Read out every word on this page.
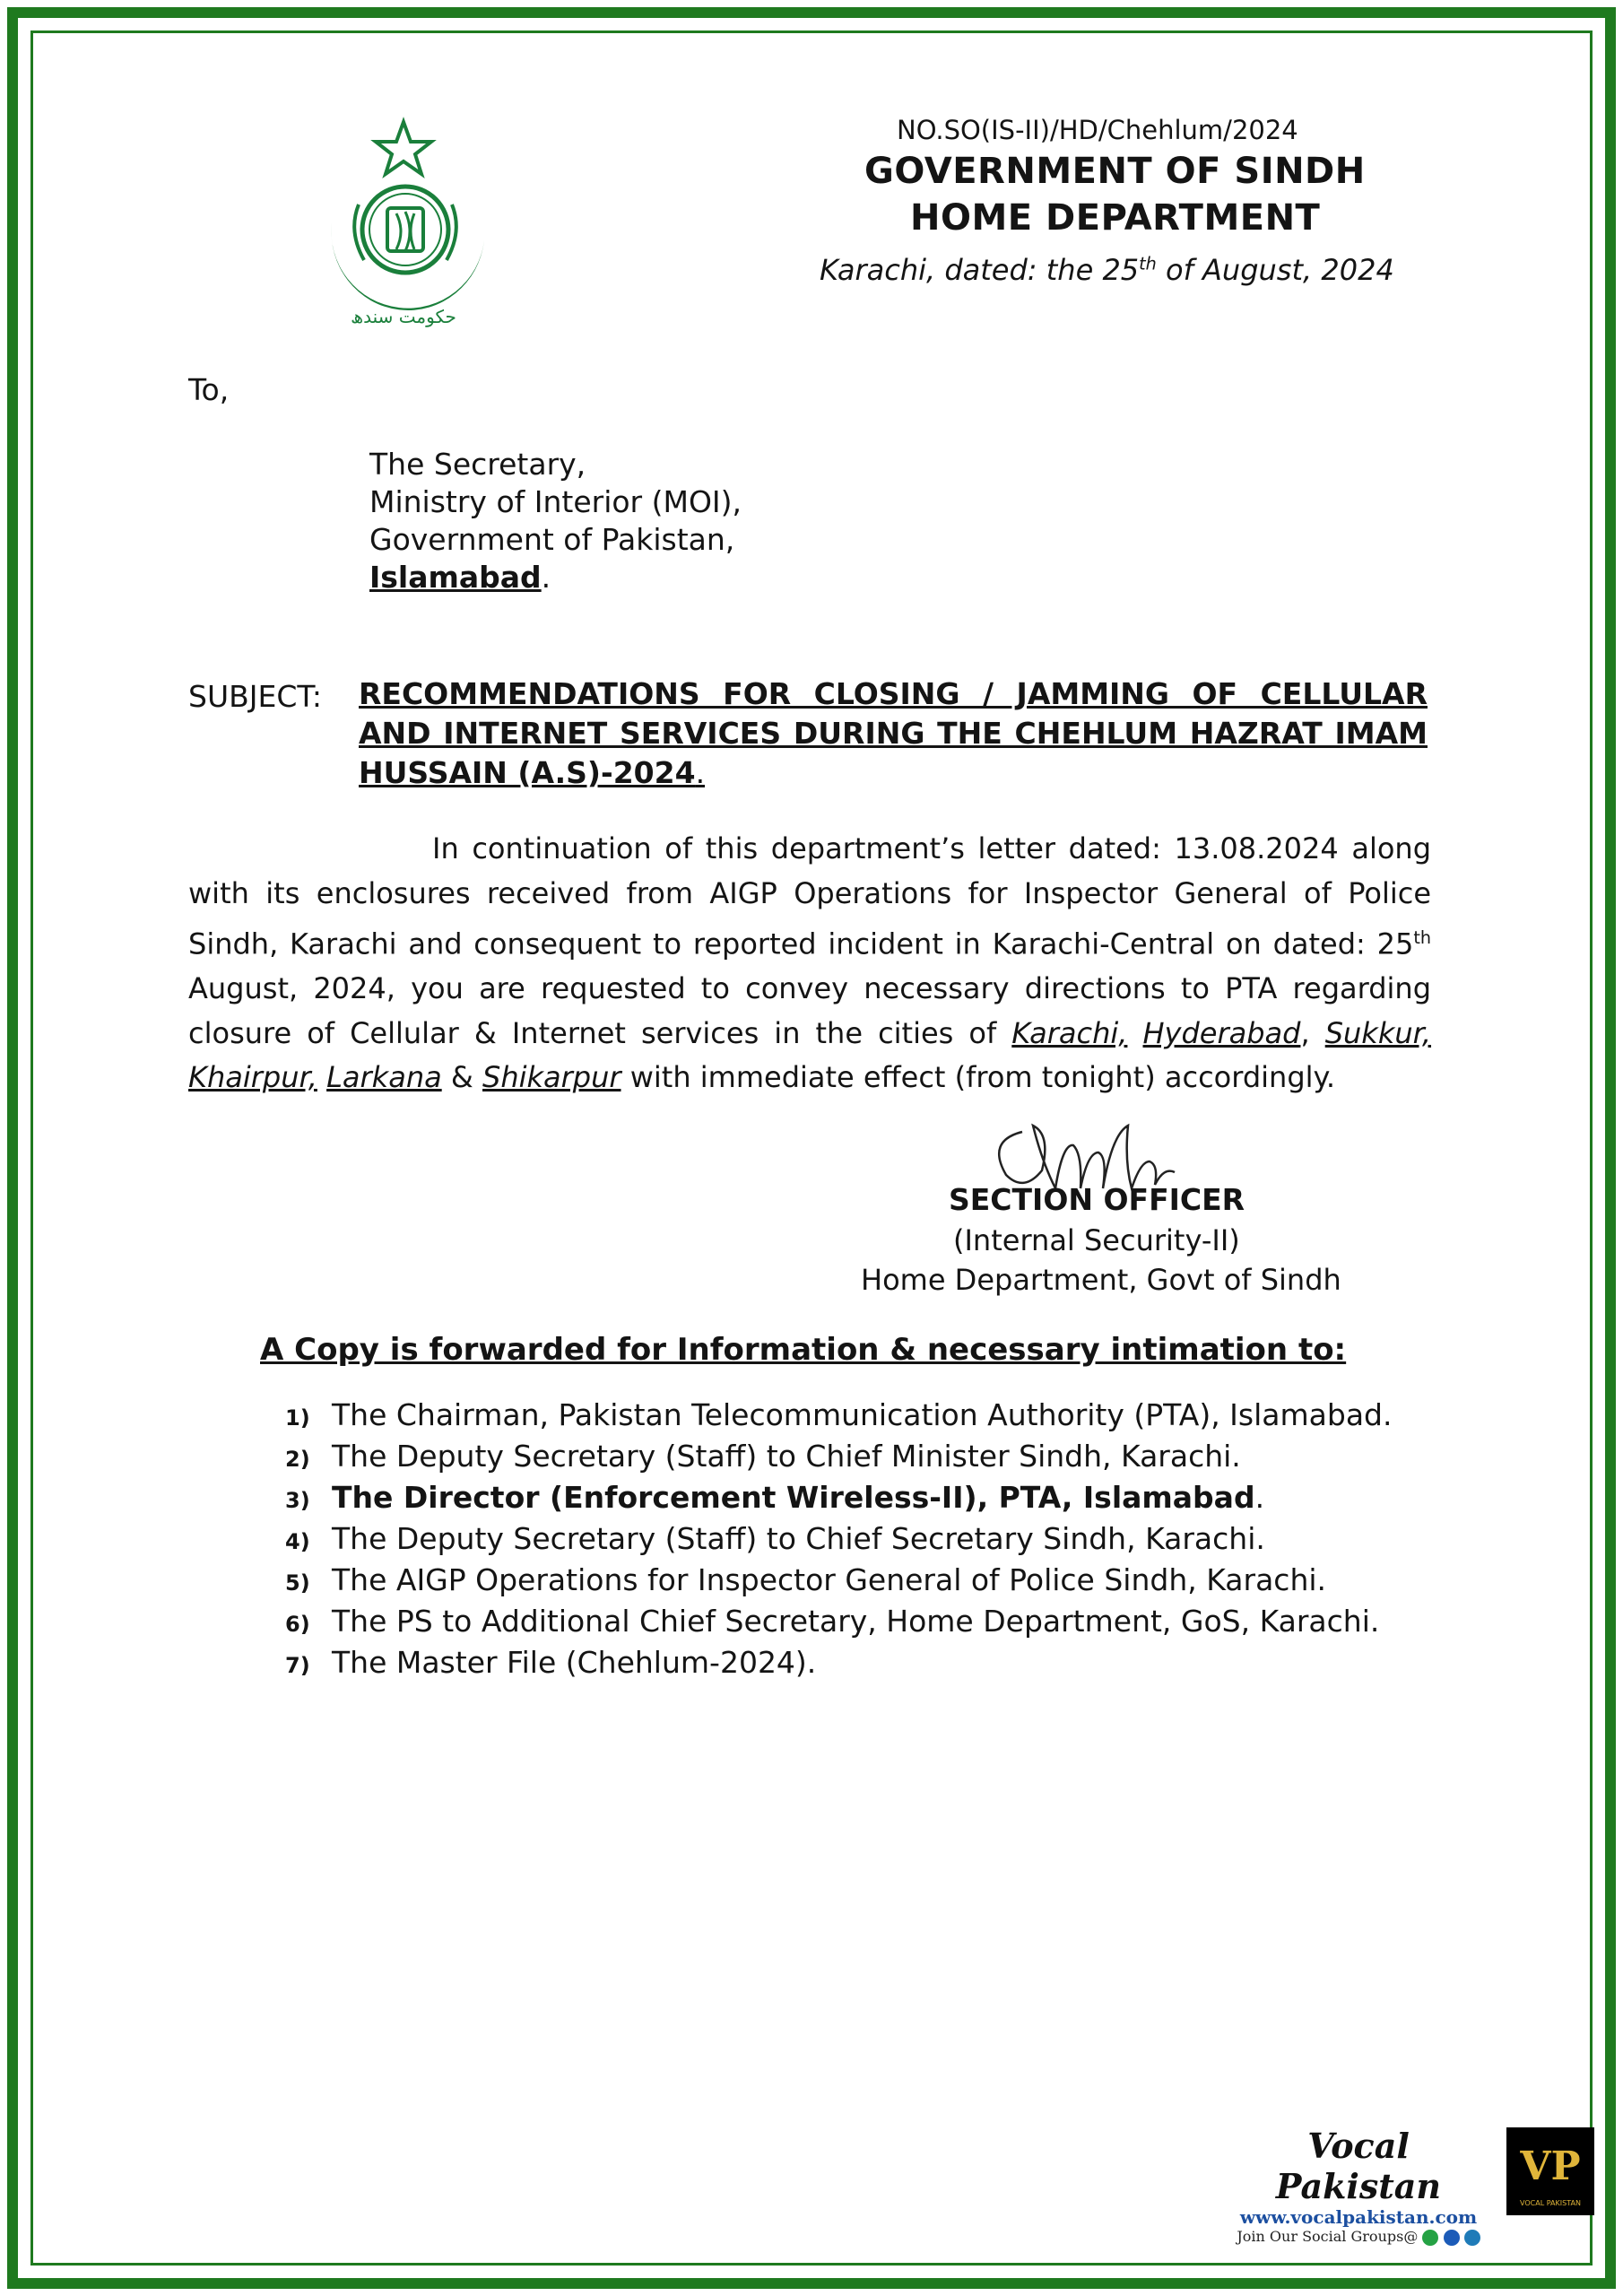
حکومت سندھ
NO.SO(IS-II)/HD/Chehlum/2024
GOVERNMENT OF SINDH
HOME DEPARTMENT
Karachi, dated: the 25th of August, 2024
To,
The Secretary,
Ministry of Interior (MOI),
Government of Pakistan,
Islamabad.
SUBJECT: RECOMMENDATIONS FOR CLOSING / JAMMING OF CELLULAR AND INTERNET SERVICES DURING THE CHEHLUM HAZRAT IMAM HUSSAIN (A.S)-2024.
In continuation of this department’s letter dated: 13.08.2024 along with its enclosures received from AIGP Operations for Inspector General of Police Sindh, Karachi and consequent to reported incident in Karachi-Central on dated: 25th August, 2024, you are requested to convey necessary directions to PTA regarding closure of Cellular & Internet services in the cities of Karachi, Hyderabad, Sukkur, Khairpur, Larkana & Shikarpur with immediate effect (from tonight) accordingly.
SECTION OFFICER
(Internal Security-II)
Home Department, Govt of Sindh
A Copy is forwarded for Information & necessary intimation to:
1) The Chairman, Pakistan Telecommunication Authority (PTA), Islamabad.
2) The Deputy Secretary (Staff) to Chief Minister Sindh, Karachi.
3) The Director (Enforcement Wireless-II), PTA, Islamabad.
4) The Deputy Secretary (Staff) to Chief Secretary Sindh, Karachi.
5) The AIGP Operations for Inspector General of Police Sindh, Karachi.
6) The PS to Additional Chief Secretary, Home Department, GoS, Karachi.
7) The Master File (Chehlum-2024).
Vocal Pakistan
www.vocalpakistan.com
Join Our Social Groups@
VP
VOCAL PAKISTAN
